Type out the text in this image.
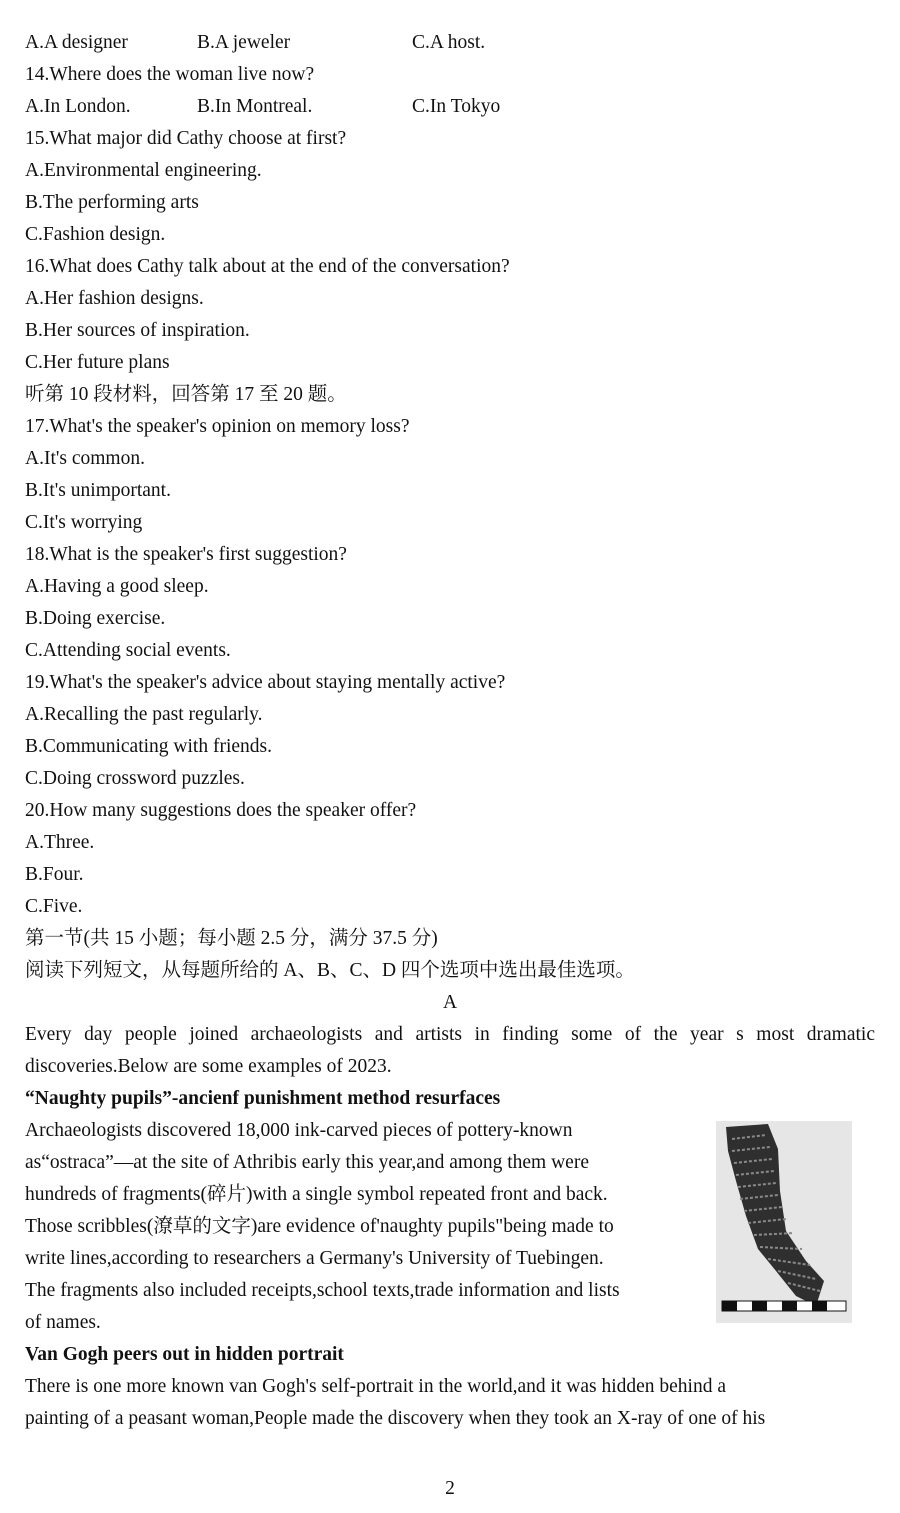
A.A designer	B.A jeweler	C.A host.
14.Where does the woman live now?
A.In London.	B.In Montreal.	C.In Tokyo
15.What major did Cathy choose at first?
A.Environmental engineering.
B.The performing arts
C.Fashion design.
16.What does Cathy talk about at the end of the conversation?
A.Her fashion designs.
B.Her sources of inspiration.
C.Her future plans
听第 10 段材料，回答第 17 至 20 题。
17.What's the speaker's opinion on memory loss?
A.It's common.
B.It's unimportant.
C.It's worrying
18.What is the speaker's first suggestion?
A.Having a good sleep.
B.Doing exercise.
C.Attending social events.
19.What's the speaker's advice about staying mentally active?
A.Recalling the past regularly.
B.Communicating with friends.
C.Doing crossword puzzles.
20.How many suggestions does the speaker offer?
A.Three.
B.Four.
C.Five.
第一节(共 15 小题；每小题 2.5 分，满分 37.5 分)
阅读下列短文，从每题所给的 A、B、C、D 四个选项中选出最佳选项。
A
Every day people joined archaeologists and artists in finding some of the year s most dramatic
discoveries.Below are some examples of 2023.
“Naughty pupils”-ancienf punishment method resurfaces
Archaeologists discovered 18,000 ink-carved pieces of pottery-known
as“ostraca”—at the site of Athribis early this year,and among them were
hundreds of fragments(碎片)with a single symbol repeated front and back.
Those scribbles(潦草的文字)are evidence of'naughty pupils"being made to
write lines,according to researchers a Germany's University of Tuebingen.
The fragments also included receipts,school texts,trade information and lists
of names.
Van Gogh peers out in hidden portrait
There is one more known van Gogh's self-portrait in the world,and it was hidden behind a
painting of a peasant woman,People made the discovery when they took an X-ray of one of his
2
